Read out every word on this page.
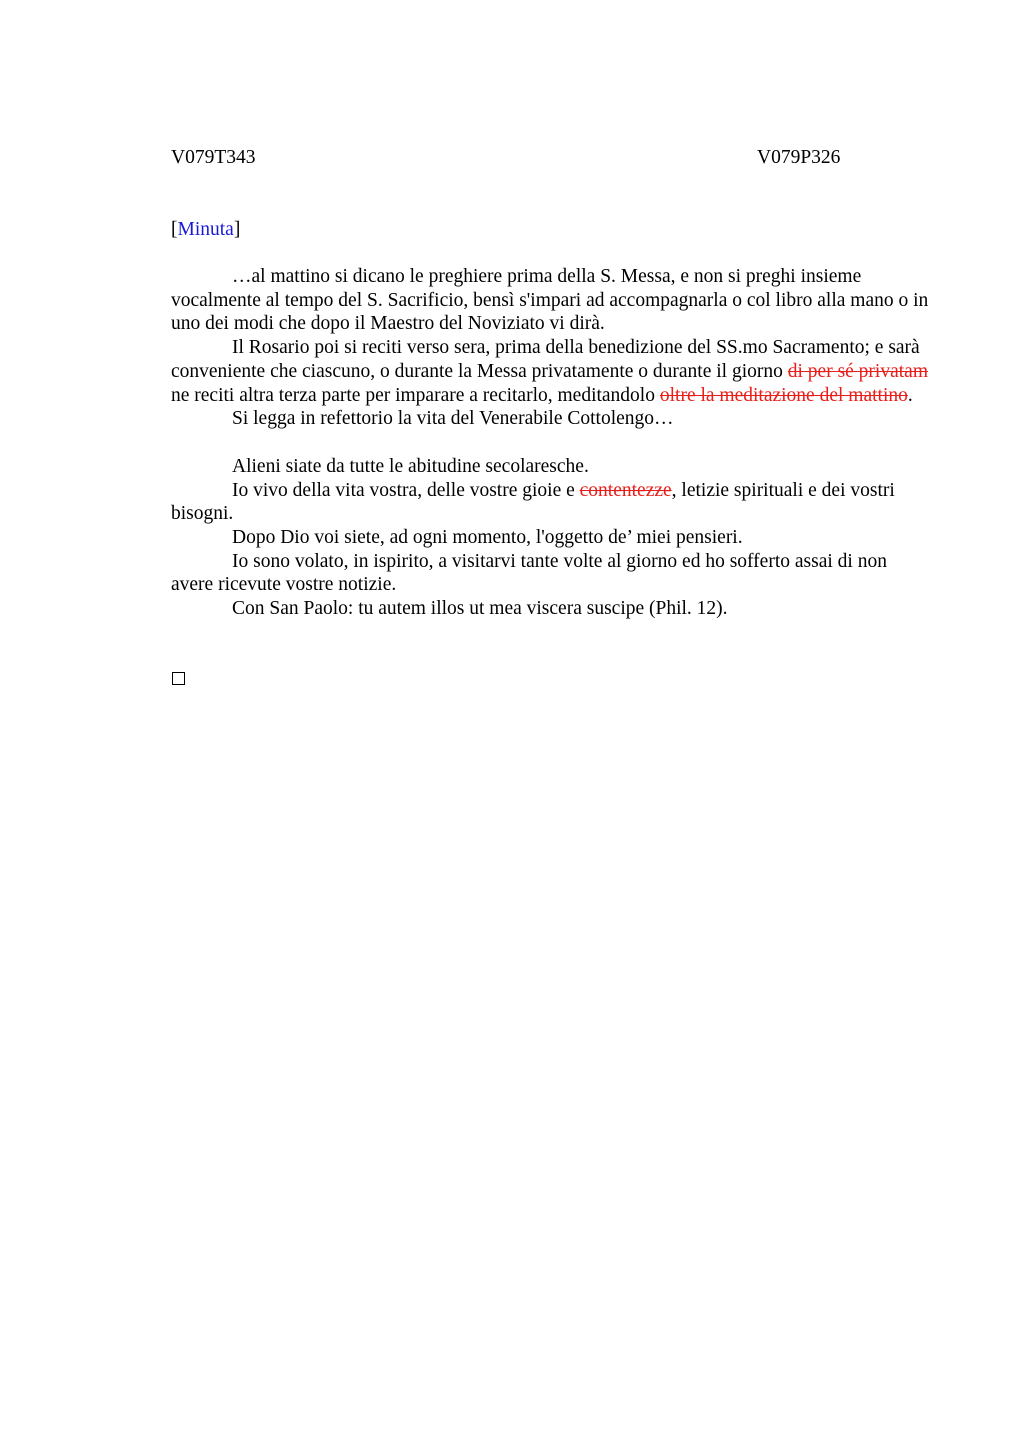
V079T343	V079P326
[Minuta]

…al mattino si dicano le preghiere prima della S. Messa, e non si preghi insieme vocalmente al tempo del S. Sacrificio, bensì s'impari ad accompagnarla o col libro alla mano o in uno dei modi che dopo il Maestro del Noviziato vi dirà.

Il Rosario poi si reciti verso sera, prima della benedizione del SS.mo Sacramento; e sarà conveniente che ciascuno, o durante la Messa privatamente o durante il giorno di per sé privatam ne reciti altra terza parte per imparare a recitarlo, meditandolo oltre la meditazione del mattino.

Si legga in refettorio la vita del Venerabile Cottolengo…

Alieni siate da tutte le abitudine secolaresche.

Io vivo della vita vostra, delle vostre gioie e contentezze, letizie spirituali e dei vostri bisogni.

Dopo Dio voi siete, ad ogni momento, l'oggetto de’ miei pensieri.

Io sono volato, in ispirito, a visitarvi tante volte al giorno ed ho sofferto assai di non avere ricevute vostre notizie.

Con San Paolo: tu autem illos ut mea viscera suscipe (Phil. 12).
